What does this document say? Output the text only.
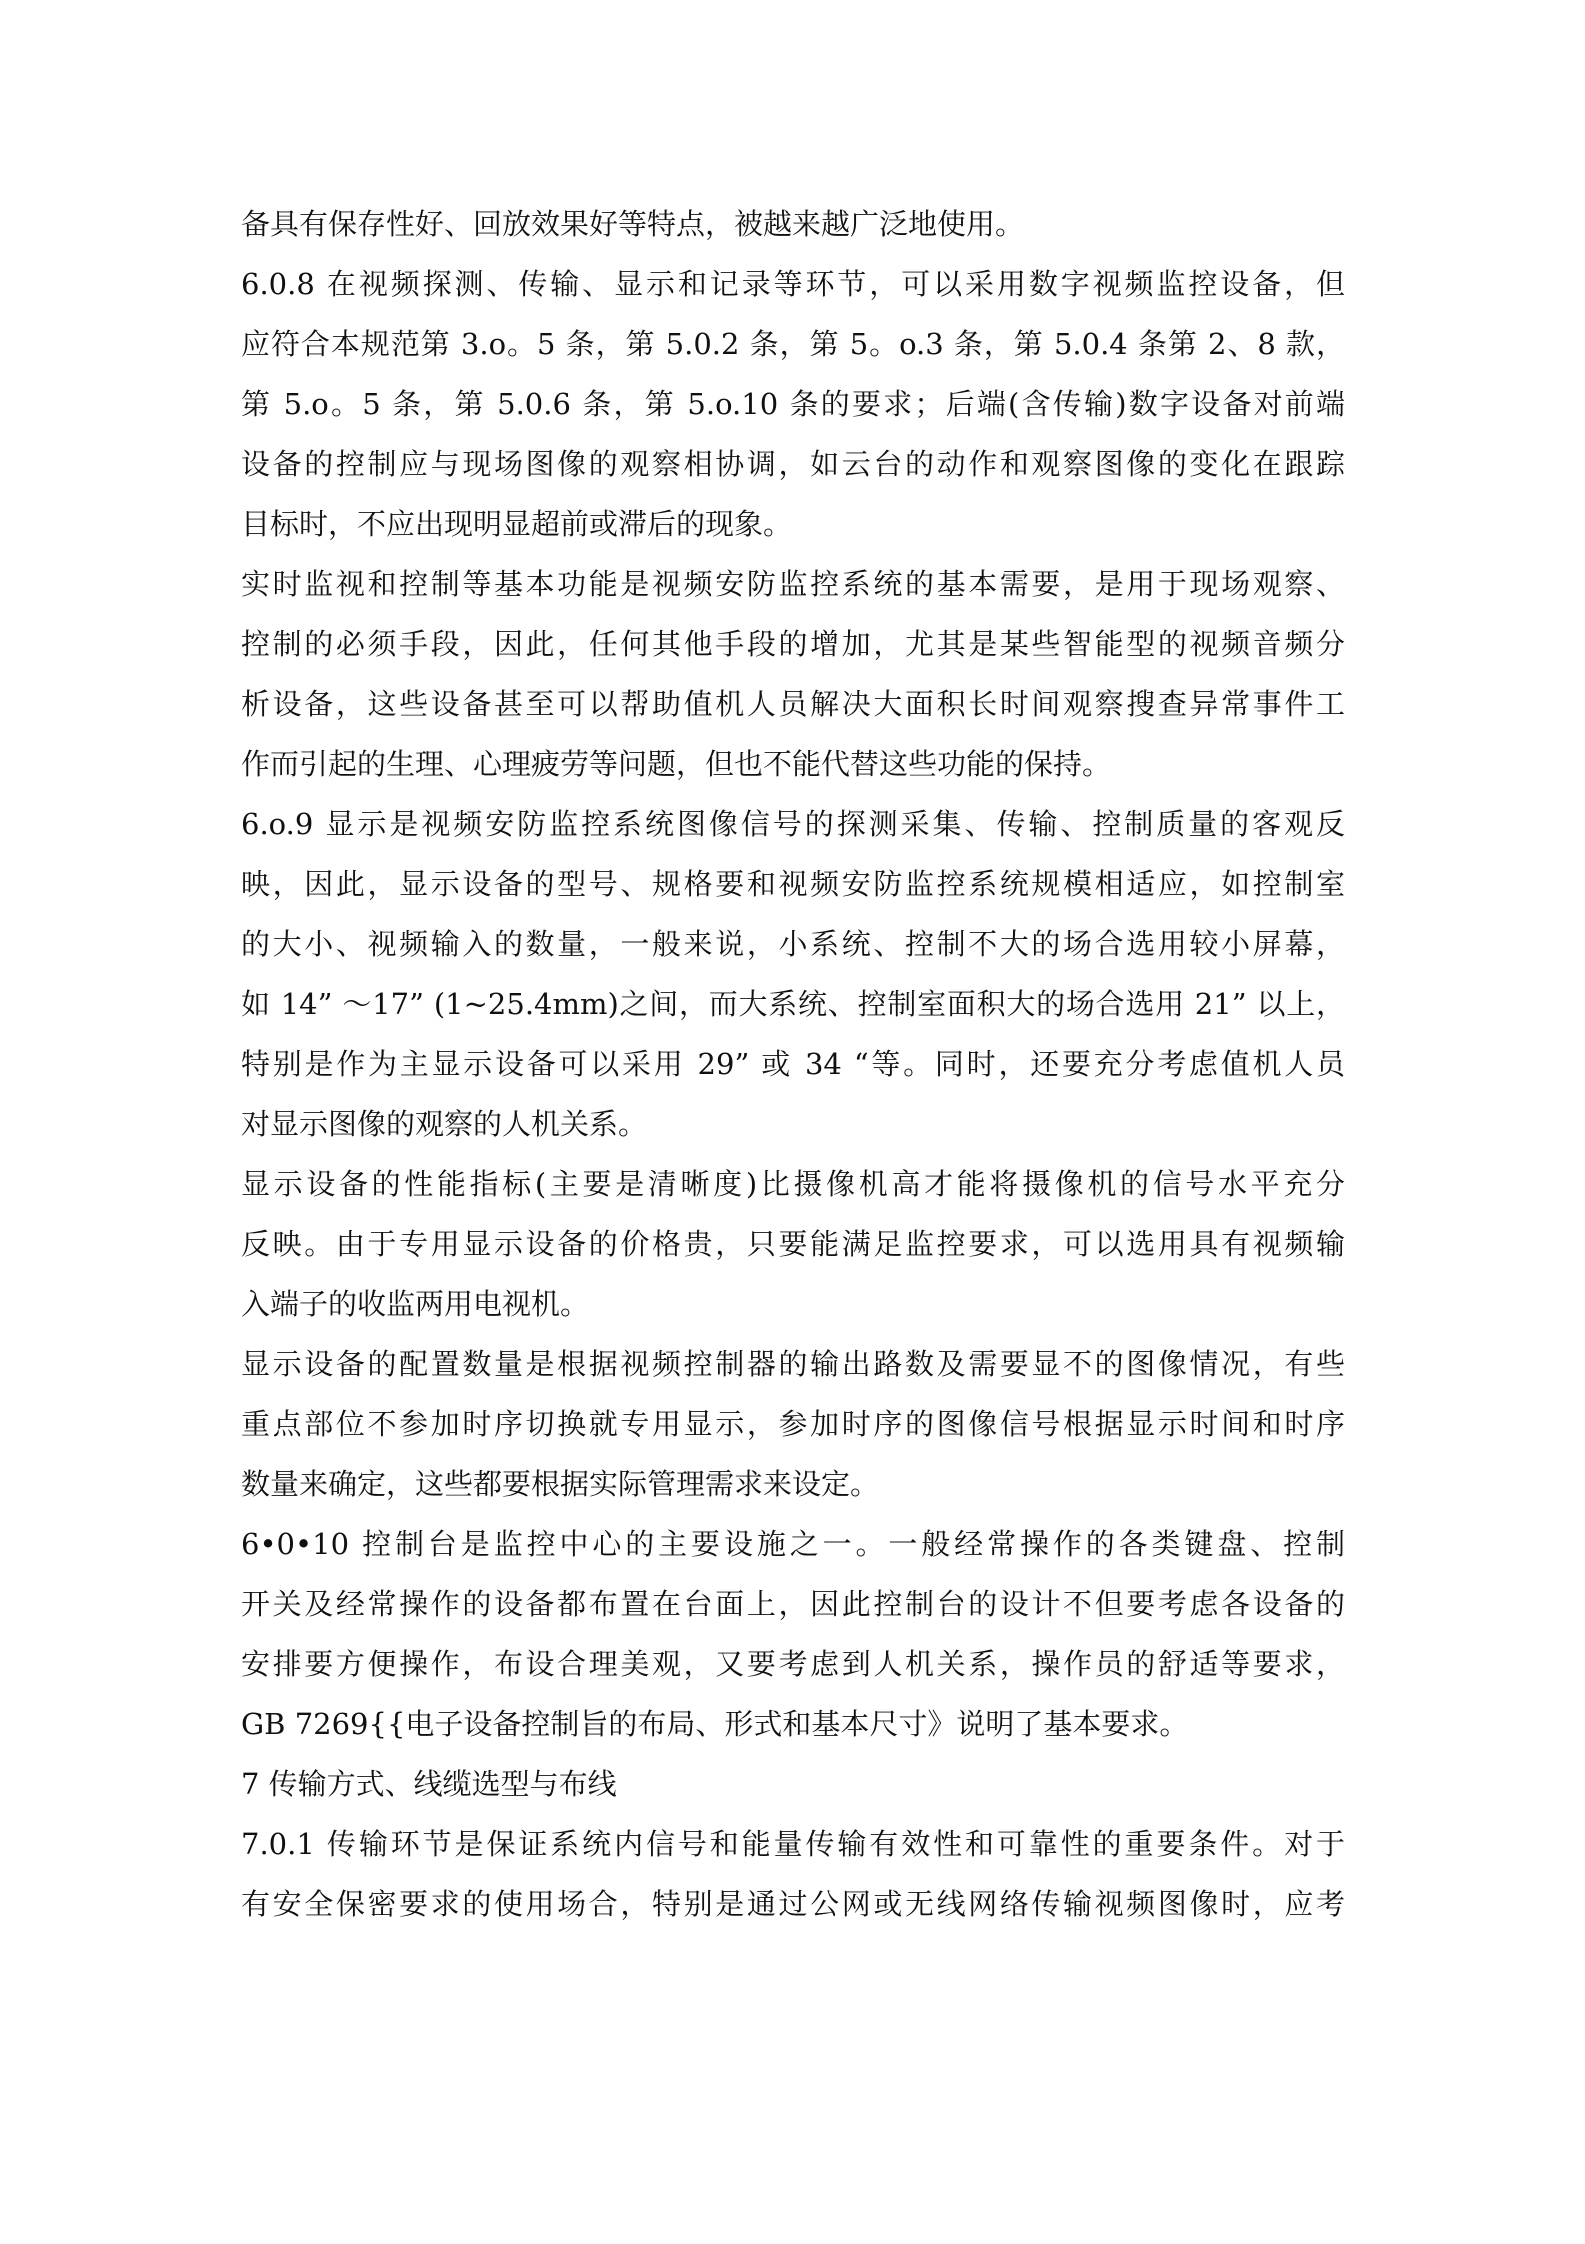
备具有保存性好、回放效果好等特点，被越来越广泛地使用。
6.0.8 在视频探测、传输、显示和记录等环节，可以采用数字视频监控设备，但
应符合本规范第 3.o。5 条，第 5.0.2 条，第 5。o.3 条，第 5.0.4 条第 2、8 款，
第 5.o。5 条，第 5.0.6 条，第 5.o.10 条的要求；后端(含传输)数字设备对前端
设备的控制应与现场图像的观察相协调，如云台的动作和观察图像的变化在跟踪
目标时，不应出现明显超前或滞后的现象。
实时监视和控制等基本功能是视频安防监控系统的基本需要，是用于现场观察、
控制的必须手段，因此，任何其他手段的增加，尤其是某些智能型的视频音频分
析设备，这些设备甚至可以帮助值机人员解决大面积长时间观察搜查异常事件工
作而引起的生理、心理疲劳等问题，但也不能代替这些功能的保持。
6.o.9 显示是视频安防监控系统图像信号的探测采集、传输、控制质量的客观反
映，因此，显示设备的型号、规格要和视频安防监控系统规模相适应，如控制室
的大小、视频输入的数量，一般来说，小系统、控制不大的场合选用较小屏幕，
如 14” ～17” (1~25.4mm)之间，而大系统、控制室面积大的场合选用 21” 以上，
特别是作为主显示设备可以采用 29” 或 34 “等。同时，还要充分考虑值机人员
对显示图像的观察的人机关系。
显示设备的性能指标(主要是清晰度)比摄像机高才能将摄像机的信号水平充分
反映。由于专用显示设备的价格贵，只要能满足监控要求，可以选用具有视频输
入端子的收监两用电视机。
显示设备的配置数量是根据视频控制器的输出路数及需要显不的图像情况，有些
重点部位不参加时序切换就专用显示，参加时序的图像信号根据显示时间和时序
数量来确定，这些都要根据实际管理需求来设定。
6•0•10 控制台是监控中心的主要设施之一。一般经常操作的各类键盘、控制
开关及经常操作的设备都布置在台面上，因此控制台的设计不但要考虑各设备的
安排要方便操作，布设合理美观，又要考虑到人机关系，操作员的舒适等要求，
GB 7269{{电子设备控制旨的布局、形式和基本尺寸》说明了基本要求。
7 传输方式、线缆选型与布线
7.0.1 传输环节是保证系统内信号和能量传输有效性和可靠性的重要条件。对于
有安全保密要求的使用场合，特别是通过公网或无线网络传输视频图像时，应考
